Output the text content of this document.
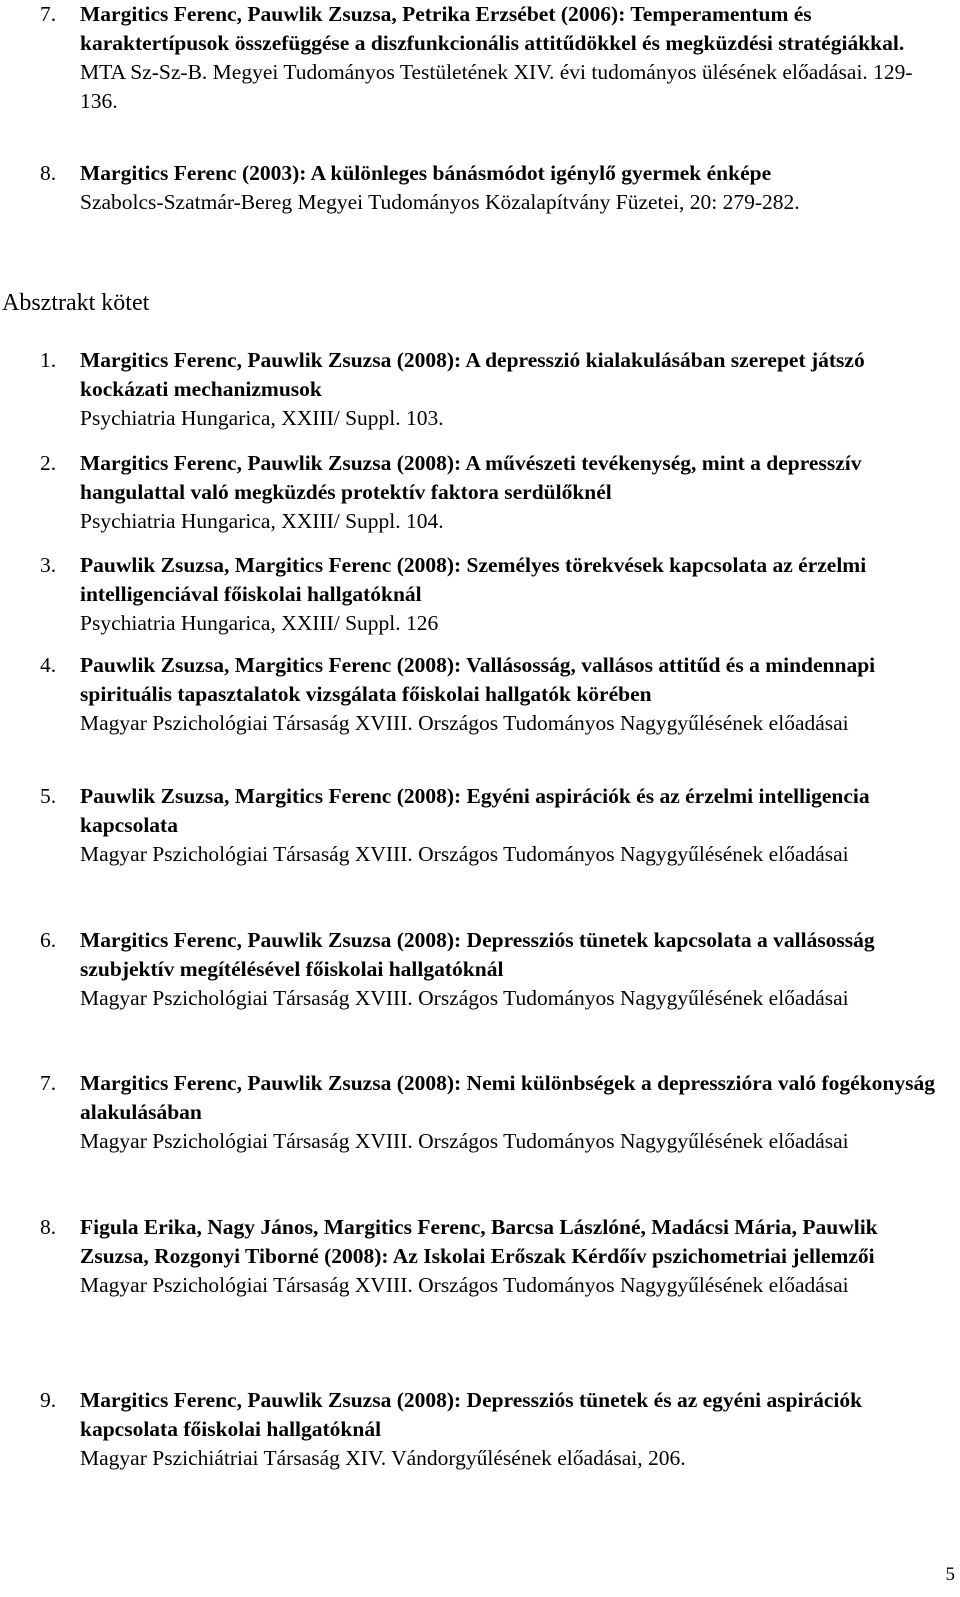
7. Margitics Ferenc, Pauwlik Zsuzsa, Petrika Erzsébet (2006): Temperamentum és karaktertípusok összefüggése a diszfunkcionális attitűdökkel és megküzdési stratégiákkal.
MTA Sz-Sz-B. Megyei Tudományos Testületének XIV. évi tudományos ülésének előadásai. 129-136.
8. Margitics Ferenc (2003): A különleges bánásmódot igénylő gyermek énképe
Szabolcs-Szatmár-Bereg Megyei Tudományos Közalapítvány Füzetei, 20: 279-282.
Absztrakt kötet
1. Margitics Ferenc, Pauwlik Zsuzsa (2008): A depresszió kialakulásában szerepet játszó kockázati mechanizmusok
Psychiatria Hungarica, XXIII/ Suppl. 103.
2. Margitics Ferenc, Pauwlik Zsuzsa (2008): A művészeti tevékenység, mint a depresszív hangulattal való megküzdés protektív faktora serdülőknél
Psychiatria Hungarica, XXIII/ Suppl. 104.
3. Pauwlik Zsuzsa, Margitics Ferenc (2008): Személyes törekvések kapcsolata az érzelmi intelligenciával főiskolai hallgatóknál
Psychiatria Hungarica, XXIII/ Suppl. 126
4. Pauwlik Zsuzsa, Margitics Ferenc (2008): Vallásosság, vallásos attitűd és a mindennapi spirituális tapasztalatok vizsgálata főiskolai hallgatók körében
Magyar Pszichológiai Társaság XVIII. Országos Tudományos Nagygyűlésének előadásai
5. Pauwlik Zsuzsa, Margitics Ferenc (2008): Egyéni aspirációk és az érzelmi intelligencia kapcsolata
Magyar Pszichológiai Társaság XVIII. Országos Tudományos Nagygyűlésének előadásai
6. Margitics Ferenc, Pauwlik Zsuzsa (2008): Depressziós tünetek kapcsolata a vallásosság szubjektív megítélésével főiskolai hallgatóknál
Magyar Pszichológiai Társaság XVIII. Országos Tudományos Nagygyűlésének előadásai
7. Margitics Ferenc, Pauwlik Zsuzsa (2008): Nemi különbségek a depresszióra való fogékonyság alakulásában
Magyar Pszichológiai Társaság XVIII. Országos Tudományos Nagygyűlésének előadásai
8. Figula Erika, Nagy János, Margitics Ferenc, Barcsa Lászlóné, Madácsi Mária, Pauwlik Zsuzsa, Rozgonyi Tiborné (2008): Az Iskolai Erőszak Kérdőív pszichometriai jellemzői
Magyar Pszichológiai Társaság XVIII. Országos Tudományos Nagygyűlésének előadásai
9. Margitics Ferenc, Pauwlik Zsuzsa (2008): Depressziós tünetek és az egyéni aspirációk kapcsolata főiskolai hallgatóknál
Magyar Pszichiátriai Társaság XIV. Vándorgyűlésének előadásai, 206.
5
